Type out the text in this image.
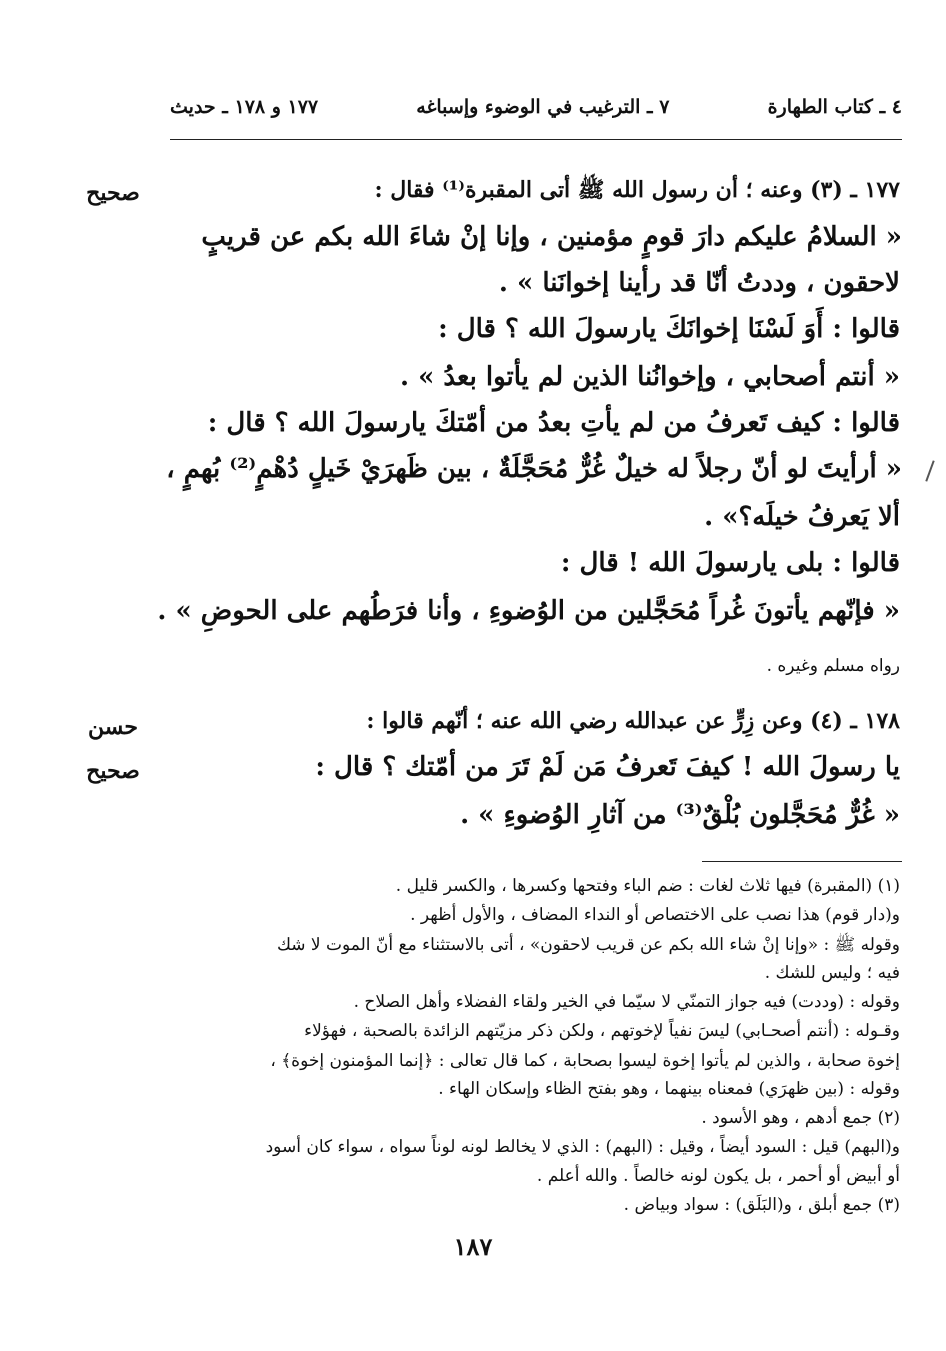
٤ ـ كتاب الطهارة
٧ ـ الترغيب في الوضوء وإسباغه
١٧٧ و ١٧٨ ـ حديث
صحيح
حسن
صحيح
١٧٧ ـ (٣) وعنه ؛ أن رسول الله ﷺ أتى المقبرة⁽¹⁾ فقال :
« السلامُ عليكم دارَ قومٍ مؤمنين ، وإنا إنْ شاءَ الله بكم عن قريبٍ
لاحقون ، وددتُ أنّا قد رأينا إخوانَنا » .
قالوا : أَوَ لَسْنَا إخوانَكَ يارسولَ الله ؟ قال :
« أنتم أصحابي ، وإخوانُنا الذين لم يأتوا بعدُ » .
قالوا : كيف تَعرفُ من لم يأتِ بعدُ من أمّتكَ يارسولَ الله ؟ قال :
« أرأيتَ لو أنّ رجلاً له خيلٌ غُرٌّ مُحَجَّلَةٌ ، بين ظَهرَيْ خَيلٍ دُهْمٍ⁽²⁾ بُهمٍ ،
ألا يَعرفُ خيلَه؟» .
قالوا : بلى يارسولَ الله ! قال :
« فإنّهم يأتونَ غُراً مُحَجَّلين من الوُضوءِ ، وأنا فرَطُهم على الحوضِ » .
رواه مسلم وغيره .
١٧٨ ـ (٤) وعن زِرٍّ عن عبدالله رضي الله عنه ؛ أنّهم قالوا :
يا رسولَ الله ! كيفَ تَعرفُ مَن لَمْ تَرَ من أمّتك ؟ قال :
« غُرٌّ مُحَجَّلون بُلْقٌ⁽³⁾ من آثارِ الوُضوءِ » .
(١) (المقبرة) فيها ثلاث لغات : ضم الباء وفتحها وكسرها ، والكسر قليل .
و(دار قوم) هذا نصب على الاختصاص أو النداء المضاف ، والأول أظهر .
وقوله ﷺ : «وإنا إنْ شاء الله بكم عن قريب لاحقون» ، أتى بالاستثناء مع أنّ الموت لا شك
فيه ؛ وليس للشك .
وقوله : (وددت) فيه جواز التمنّي لا سيّما في الخير ولقاء الفضلاء وأهل الصلاح .
وقـوله : (أنتم أصحـابي) ليسَ نفياً لإخوتهم ، ولكن ذكر مزيّتهم الزائدة بالصحبة ، فهؤلاء
إخوة صحابة ، والذين لم يأتوا إخوة ليسوا بصحابة ، كما قال تعالى : ﴿إنما المؤمنون إخوة﴾ ،
وقوله : (بين ظهرَي) فمعناه بينهما ، وهو بفتح الظاء وإسكان الهاء .
(٢) جمع أدهم ، وهو الأسود .
و(البهم) قيل : السود أيضاً ، وقيل : (البهم) : الذي لا يخالط لونه لوناً سواه ، سواء كان أسود
أو أبيض أو أحمر ، بل يكون لونه خالصاً . والله أعلم .
(٣) جمع أبلق ، و(البَلَق) : سواد وبياض .
١٨٧
